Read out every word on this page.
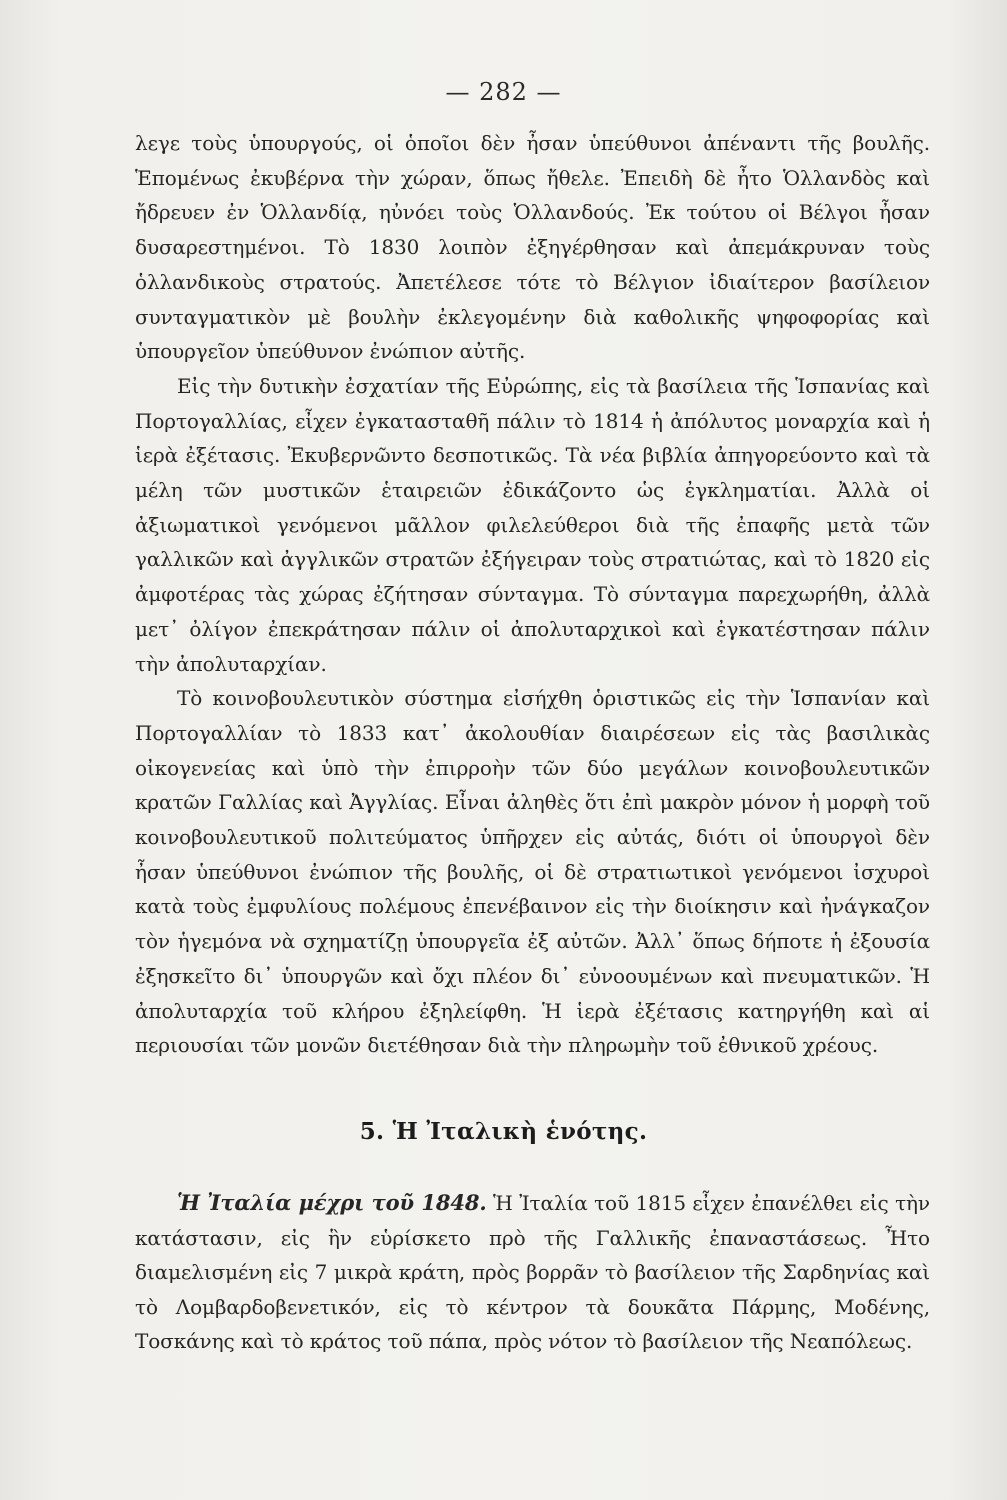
— 282 —

λεγε τοὺς ὑπουργούς, οἱ ὁποῖοι δὲν ἦσαν ὑπεύθυνοι ἀπέναντι τῆς βουλῆς. Ἑπομένως ἐκυβέρνα τὴν χώραν, ὅπως ἤθελε. Ἐπειδὴ δὲ ἦτο Ὁλλανδὸς καὶ ἤδρευεν ἐν Ὁλλανδίᾳ, ηὐνόει τοὺς Ὁλλανδούς. Ἐκ τούτου οἱ Βέλγοι ἦσαν δυσαρεστημένοι. Τὸ 1830 λοιπὸν ἐξηγέρθησαν καὶ ἀπεμάκρυναν τοὺς ὁλλανδικοὺς στρατούς. Ἀπετέλεσε τότε τὸ Βέλγιον ἰδιαίτερον βασίλειον συνταγματικὸν μὲ βουλὴν ἐκλεγομένην διὰ καθολικῆς ψηφοφορίας καὶ ὑπουργεῖον ὑπεύθυνον ἐνώπιον αὐτῆς.

Εἰς τὴν δυτικὴν ἐσχατίαν τῆς Εὐρώπης, εἰς τὰ βασίλεια τῆς Ἱσπανίας καὶ Πορτογαλλίας, εἶχεν ἐγκατασταθῆ πάλιν τὸ 1814 ἡ ἀπόλυτος μοναρχία καὶ ἡ ἱερὰ ἐξέτασις. Ἐκυβερνῶντο δεσποτικῶς. Τὰ νέα βιβλία ἀπηγορεύοντο καὶ τὰ μέλη τῶν μυστικῶν ἑταιρειῶν ἐδικάζοντο ὡς ἐγκληματίαι. Ἀλλὰ οἱ ἀξιωματικοὶ γενόμενοι μᾶλλον φιλελεύθεροι διὰ τῆς ἐπαφῆς μετὰ τῶν γαλλικῶν καὶ ἀγγλικῶν στρατῶν ἐξήγειραν τοὺς στρατιώτας, καὶ τὸ 1820 εἰς ἀμφοτέρας τὰς χώρας ἐζήτησαν σύνταγμα. Τὸ σύνταγμα παρεχωρήθη, ἀλλὰ μετ᾽ ὀλίγον ἐπεκράτησαν πάλιν οἱ ἀπολυταρχικοὶ καὶ ἐγκατέστησαν πάλιν τὴν ἀπολυταρχίαν.

Τὸ κοινοβουλευτικὸν σύστημα εἰσήχθη ὁριστικῶς εἰς τὴν Ἱσπανίαν καὶ Πορτογαλλίαν τὸ 1833 κατ᾽ ἀκολουθίαν διαιρέσεων εἰς τὰς βασιλικὰς οἰκογενείας καὶ ὑπὸ τὴν ἐπιρροὴν τῶν δύο μεγάλων κοινοβουλευτικῶν κρατῶν Γαλλίας καὶ Ἀγγλίας. Εἶναι ἀληθὲς ὅτι ἐπὶ μακρὸν μόνον ἡ μορφὴ τοῦ κοινοβουλευτικοῦ πολιτεύματος ὑπῆρχεν εἰς αὐτάς, διότι οἱ ὑπουργοὶ δὲν ἦσαν ὑπεύθυνοι ἐνώπιον τῆς βουλῆς, οἱ δὲ στρατιωτικοὶ γενόμενοι ἰσχυροὶ κατὰ τοὺς ἐμφυλίους πολέμους ἐπενέβαινον εἰς τὴν διοίκησιν καὶ ἠνάγκαζον τὸν ἡγεμόνα νὰ σχηματίζῃ ὑπουργεῖα ἐξ αὐτῶν. Ἀλλ᾽ ὅπως δήποτε ἡ ἐξουσία ἐξησκεῖτο δι᾽ ὑπουργῶν καὶ ὄχι πλέον δι᾽ εὐνοουμένων καὶ πνευματικῶν. Ἡ ἀπολυταρχία τοῦ κλήρου ἐξηλείφθη. Ἡ ἱερὰ ἐξέτασις κατηργήθη καὶ αἱ περιουσίαι τῶν μονῶν διετέθησαν διὰ τὴν πληρωμὴν τοῦ ἐθνικοῦ χρέους.

5. Ἡ Ἰταλικὴ ἑνότης.

Ἡ Ἰταλία μέχρι τοῦ 1848. Ἡ Ἰταλία τοῦ 1815 εἶχεν ἐπανέλθει εἰς τὴν κατάστασιν, εἰς ἣν εὑρίσκετο πρὸ τῆς Γαλλικῆς ἐπαναστάσεως. Ἦτο διαμελισμένη εἰς 7 μικρὰ κράτη, πρὸς βορρᾶν τὸ βασίλειον τῆς Σαρδηνίας καὶ τὸ Λομβαρδοβενετικόν, εἰς τὸ κέντρον τὰ δουκᾶτα Πάρμης, Μοδένης, Τοσκάνης καὶ τὸ κράτος τοῦ πάπα, πρὸς νότον τὸ βασίλειον τῆς Νεαπόλεως.
